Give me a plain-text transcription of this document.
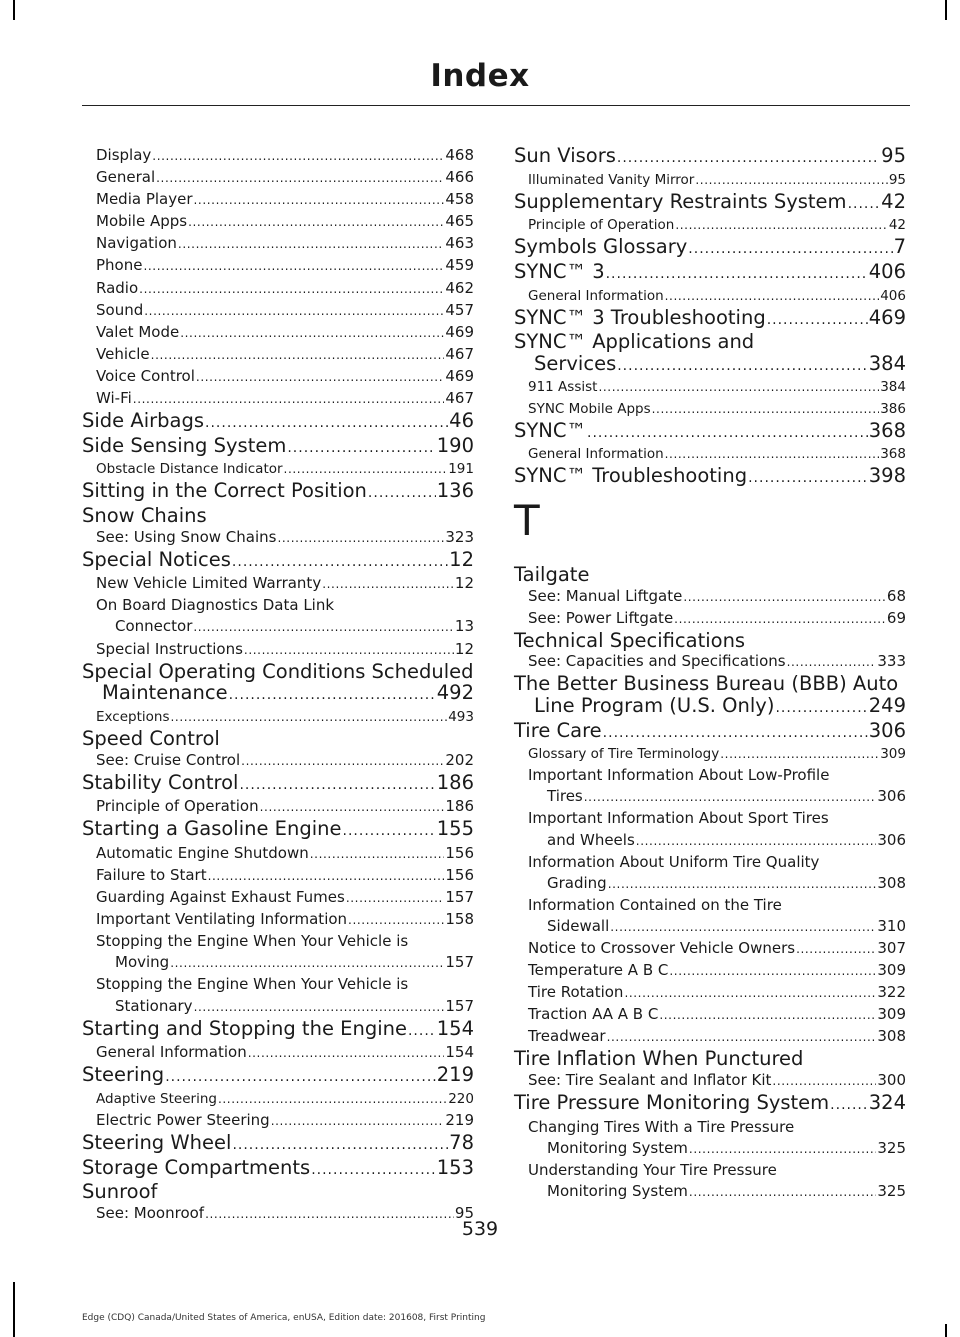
Index
Display .....	468
General .....	466
Media Player .....	458
Mobile Apps .....	465
Navigation .....	463
Phone .....	459
Radio .....	462
Sound .....	457
Valet Mode .....	469
Vehicle .....	467
Voice Control .....	469
Wi-Fi .....	467
Side Airbags .....	46
Side Sensing System .....	190
Obstacle Distance Indicator .....	191
Sitting in the Correct Position .....	136
Snow Chains
See: Using Snow Chains .....	323
Special Notices .....	12
New Vehicle Limited Warranty .....	12
On Board Diagnostics Data Link
Connector .....	13
Special Instructions .....	12
Special Operating Conditions Scheduled
Maintenance .....	492
Exceptions .....	493
Speed Control
See: Cruise Control .....	202
Stability Control .....	186
Principle of Operation .....	186
Starting a Gasoline Engine .....	155
Automatic Engine Shutdown .....	156
Failure to Start .....	156
Guarding Against Exhaust Fumes .....	157
Important Ventilating Information .....	158
Stopping the Engine When Your Vehicle is
Moving .....	157
Stopping the Engine When Your Vehicle is
Stationary .....	157
Starting and Stopping the Engine ..... 154
General Information .....	154
Steering .....	219
Adaptive Steering .....	220
Electric Power Steering .....	219
Steering Wheel .....	78
Storage Compartments .....	153
Sunroof
See: Moonroof .....	95
Sun Visors .....	95
Illuminated Vanity Mirror .....	95
Supplementary Restraints System ..... 42
Principle of Operation .....	42
Symbols Glossary .....	7
SYNC™ 3 .....	406
General Information .....	406
SYNC™ 3 Troubleshooting .....	469
SYNC™ Applications and
Services .....	384
911 Assist .....	384
SYNC Mobile Apps .....	386
SYNC™ .....	368
General Information .....	368
SYNC™ Troubleshooting .....	398
T
Tailgate
See: Manual Liftgate .....	68
See: Power Liftgate .....	69
Technical Specifications
See: Capacities and Specifications .....	333
The Better Business Bureau (BBB) Auto
Line Program (U.S. Only) .....	249
Tire Care .....	306
Glossary of Tire Terminology .....	309
Important Information About Low-Profile
Tires .....	306
Important Information About Sport Tires
and Wheels .....	306
Information About Uniform Tire Quality
Grading .....	308
Information Contained on the Tire
Sidewall .....	310
Notice to Crossover Vehicle Owners .....	307
Temperature A B C .....	309
Tire Rotation .....	322
Traction AA A B C .....	309
Treadwear .....	308
Tire Inflation When Punctured
See: Tire Sealant and Inflator Kit .....	300
Tire Pressure Monitoring System ..... 324
Changing Tires With a Tire Pressure
Monitoring System .....	325
Understanding Your Tire Pressure
Monitoring System .....	325
539
Edge (CDQ) Canada/United States of America, enUSA, Edition date: 201608, First Printing
